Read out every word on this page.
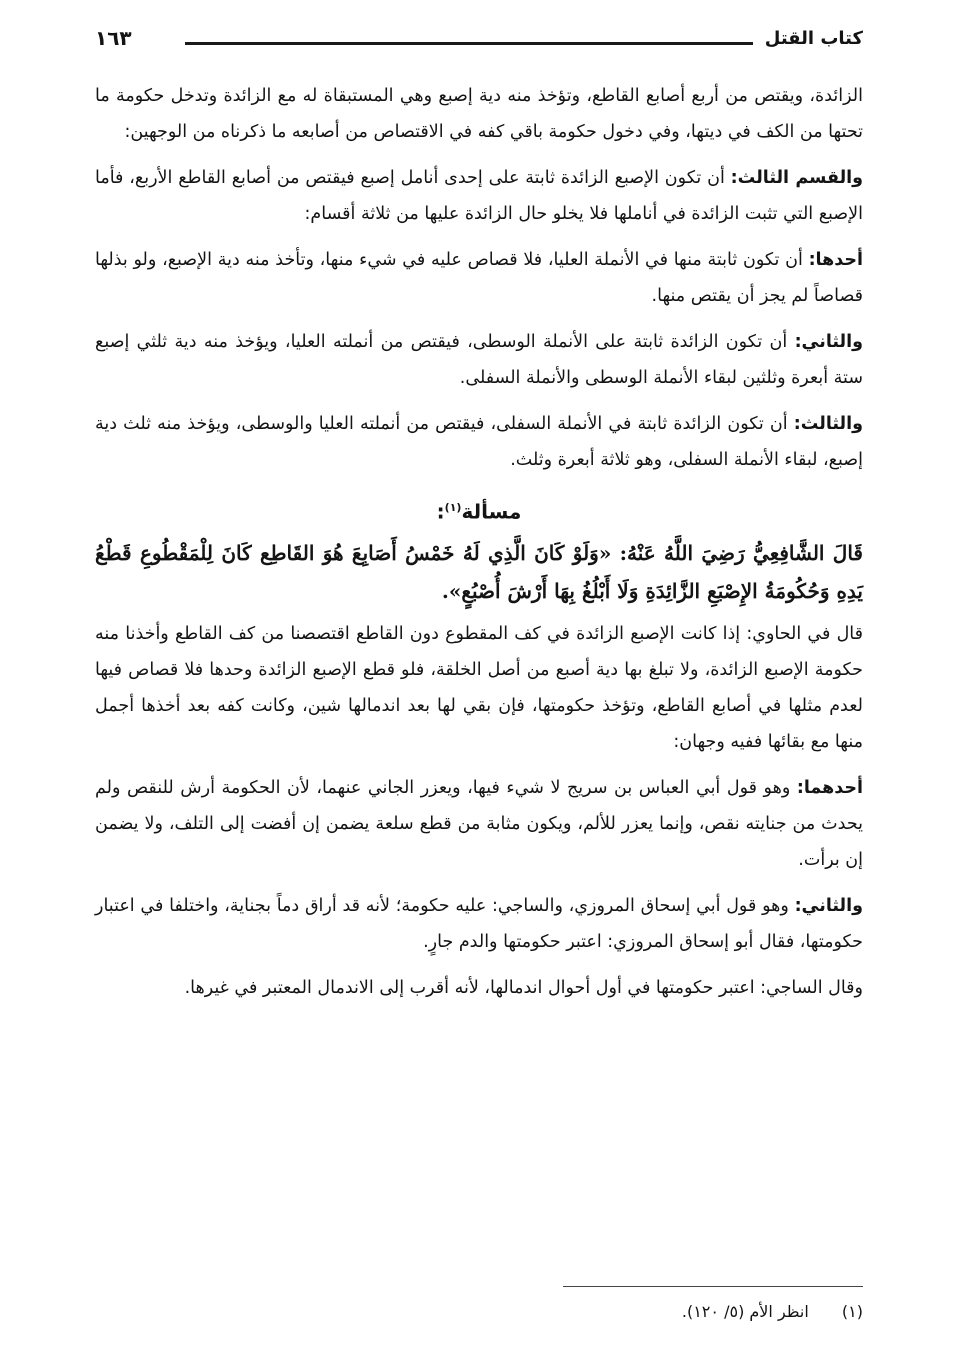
كتاب القتل
١٦٣

الزائدة، ويقتص من أربع أصابع القاطع، وتؤخذ منه دية إصبع وهي المستبقاة له مع الزائدة وتدخل حكومة ما تحتها من الكف في ديتها، وفي دخول حكومة باقي كفه في الاقتصاص من أصابعه ما ذكرناه من الوجهين:

والقسم الثالث: أن تكون الإصبع الزائدة ثابتة على إحدى أنامل إصبع فيقتص من أصابع القاطع الأربع، فأما الإصبع التي تثبت الزائدة في أناملها فلا يخلو حال الزائدة عليها من ثلاثة أقسام:

أحدها: أن تكون ثابتة منها في الأنملة العليا، فلا قصاص عليه في شيء منها، وتأخذ منه دية الإصبع، ولو بذلها قصاصاً لم يجز أن يقتص منها.

والثاني: أن تكون الزائدة ثابتة على الأنملة الوسطى، فيقتص من أنملته العليا، ويؤخذ منه دية ثلثي إصبع ستة أبعرة وثلثين لبقاء الأنملة الوسطى والأنملة السفلى.

والثالث: أن تكون الزائدة ثابتة في الأنملة السفلى، فيقتص من أنملته العليا والوسطى، ويؤخذ منه ثلث دية إصبع، لبقاء الأنملة السفلى، وهو ثلاثة أبعرة وثلث.

مسألة$^{(١)}$:

قَالَ الشَّافِعِيُّ رَضِيَ اللَّهُ عَنْهُ: «وَلَوْ كَانَ الَّذِي لَهُ خَمْسُ أَصَابِعَ هُوَ القَاطِع كَانَ لِلْمَقْطُوعِ قَطْعُ يَدِهِ وَحُكُومَةُ الإِصْبَعِ الزَّائِدَةِ وَلَا أَبْلُغُ بِهَا أَرْشَ أُصْبُعٍ».

قال في الحاوي: إذا كانت الإصبع الزائدة في كف المقطوع دون القاطع اقتصصنا من كف القاطع وأخذنا منه حكومة الإصبع الزائدة، ولا تبلغ بها دية أصبع من أصل الخلقة، فلو قطع الإصبع الزائدة وحدها فلا قصاص فيها لعدم مثلها في أصابع القاطع، وتؤخذ حكومتها، فإن بقي لها بعد اندمالها شين، وكانت كفه بعد أخذها أجمل منها مع بقائها ففيه وجهان:

أحدهما: وهو قول أبي العباس بن سريج لا شيء فيها، ويعزر الجاني عنهما، لأن الحكومة أرش للنقص ولم يحدث من جنايته نقص، وإنما يعزر للألم، ويكون مثابة من قطع سلعة يضمن إن أفضت إلى التلف، ولا يضمن إن برأت.

والثاني: وهو قول أبي إسحاق المروزي، والساجي: عليه حكومة؛ لأنه قد أراق دماً بجناية، واختلفا في اعتبار حكومتها، فقال أبو إسحاق المروزي: اعتبر حكومتها والدم جارٍ.

وقال الساجي: اعتبر حكومتها في أول أحوال اندمالها، لأنه أقرب إلى الاندمال المعتبر في غيرها.

(١) انظر الأم (٥/ ١٢٠).
